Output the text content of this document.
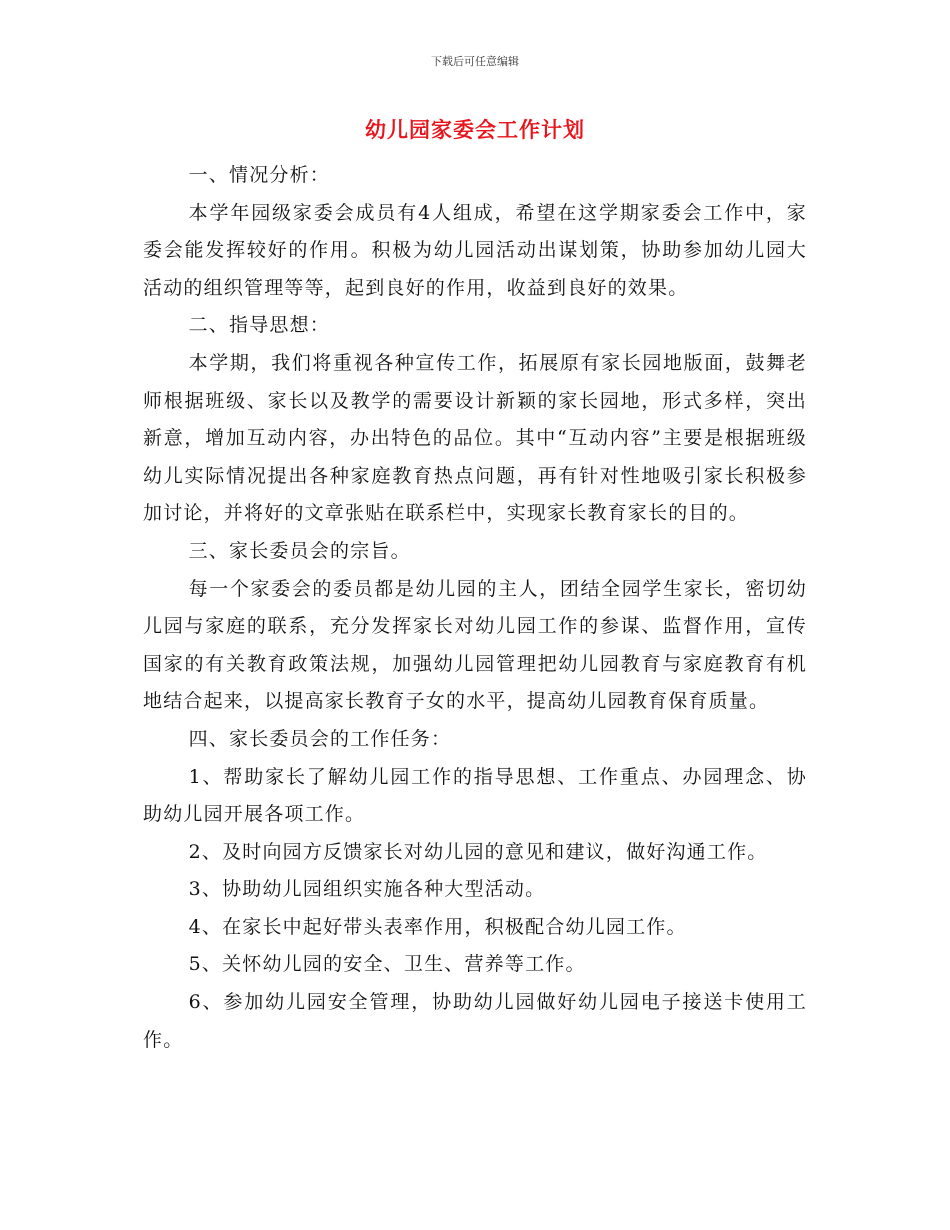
下载后可任意编辑
幼儿园家委会工作计划

一、情况分析：

本学年园级家委会成员有4人组成，希望在这学期家委会工作中，家委会能发挥较好的作用。积极为幼儿园活动出谋划策，协助参加幼儿园大活动的组织管理等等，起到良好的作用，收益到良好的效果。

二、指导思想：

本学期，我们将重视各种宣传工作，拓展原有家长园地版面，鼓舞老师根据班级、家长以及教学的需要设计新颖的家长园地，形式多样，突出新意，增加互动内容，办出特色的品位。其中“互动内容”主要是根据班级幼儿实际情况提出各种家庭教育热点问题，再有针对性地吸引家长积极参加讨论，并将好的文章张贴在联系栏中，实现家长教育家长的目的。

三、家长委员会的宗旨。

每一个家委会的委员都是幼儿园的主人，团结全园学生家长，密切幼儿园与家庭的联系，充分发挥家长对幼儿园工作的参谋、监督作用，宣传国家的有关教育政策法规，加强幼儿园管理把幼儿园教育与家庭教育有机地结合起来，以提高家长教育子女的水平，提高幼儿园教育保育质量。

四、家长委员会的工作任务：

1、帮助家长了解幼儿园工作的指导思想、工作重点、办园理念、协助幼儿园开展各项工作。

2、及时向园方反馈家长对幼儿园的意见和建议，做好沟通工作。

3、协助幼儿园组织实施各种大型活动。

4、在家长中起好带头表率作用，积极配合幼儿园工作。

5、关怀幼儿园的安全、卫生、营养等工作。

6、参加幼儿园安全管理，协助幼儿园做好幼儿园电子接送卡使用工作。
